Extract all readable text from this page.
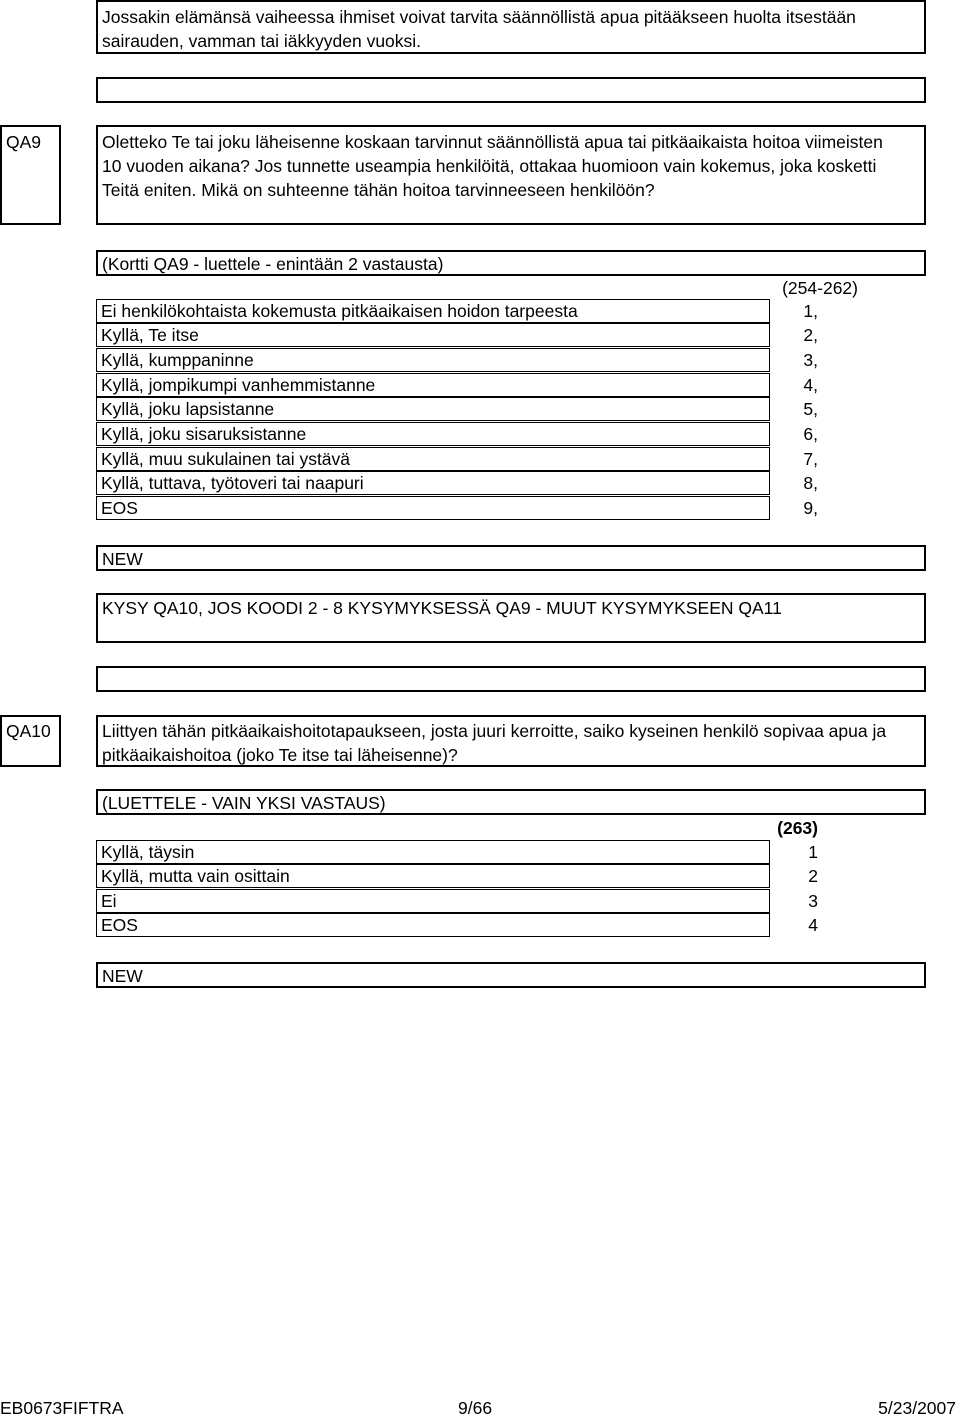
Jossakin elämänsä vaiheessa ihmiset voivat tarvita säännöllistä apua pitääkseen huolta itsestään sairauden, vamman tai iäkkyyden vuoksi.
QA9	Oletteko Te tai joku läheisenne koskaan tarvinnut säännöllistä apua tai pitkäaikaista hoitoa viimeisten 10 vuoden aikana? Jos tunnette useampia henkilöitä, ottakaa huomioon vain kokemus, joka kosketti Teitä eniten. Mikä on suhteenne tähän hoitoa tarvinneeseen henkilöön?
(Kortti QA9 - luettele - enintään 2 vastausta)
(254-262)
Ei henkilökohtaista kokemusta pitkäaikaisen hoidon tarpeesta	1,
Kyllä, Te itse	2,
Kyllä, kumppaninne	3,
Kyllä, jompikumpi vanhemmistanne	4,
Kyllä, joku lapsistanne	5,
Kyllä, joku sisaruksistanne	6,
Kyllä, muu sukulainen tai ystävä	7,
Kyllä, tuttava, työtoveri tai naapuri	8,
EOS	9,
NEW
KYSY QA10, JOS KOODI 2 - 8 KYSYMYKSESSÄ QA9 - MUUT KYSYMYKSEEN QA11
QA10	Liittyen tähän pitkäaikaishoitotapaukseen, josta juuri kerroitte, saiko kyseinen henkilö sopivaa apua ja pitkäaikaishoitoa (joko Te itse tai läheisenne)?
(LUETTELE - VAIN YKSI VASTAUS)
(263)
Kyllä, täysin	1
Kyllä, mutta vain osittain	2
Ei	3
EOS	4
NEW
EB0673FIFTRA	9/66	5/23/2007
